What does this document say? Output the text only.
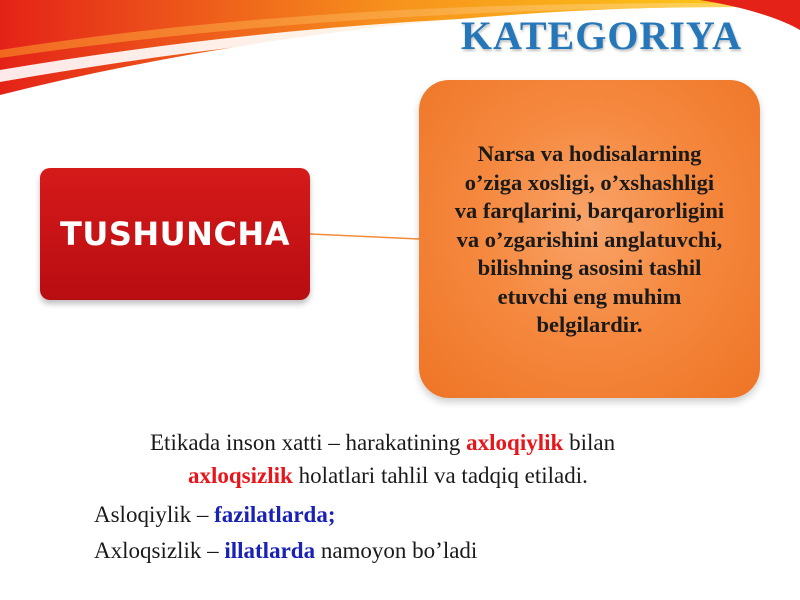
KATEGORIYA
TUSHUNCHA
Narsa va hodisalarning
o’ziga xosligi, o’xshashligi
va farqlarini, barqarorligini
va o’zgarishini anglatuvchi,
bilishning asosini tashil
etuvchi eng muhim
belgilardir.
Etikada inson xatti – harakatining axloqiylik bilan
axloqsizlik holatlari tahlil va tadqiq etiladi.
Asloqiylik – fazilatlarda;
Axloqsizlik – illatlarda namoyon bo’ladi
